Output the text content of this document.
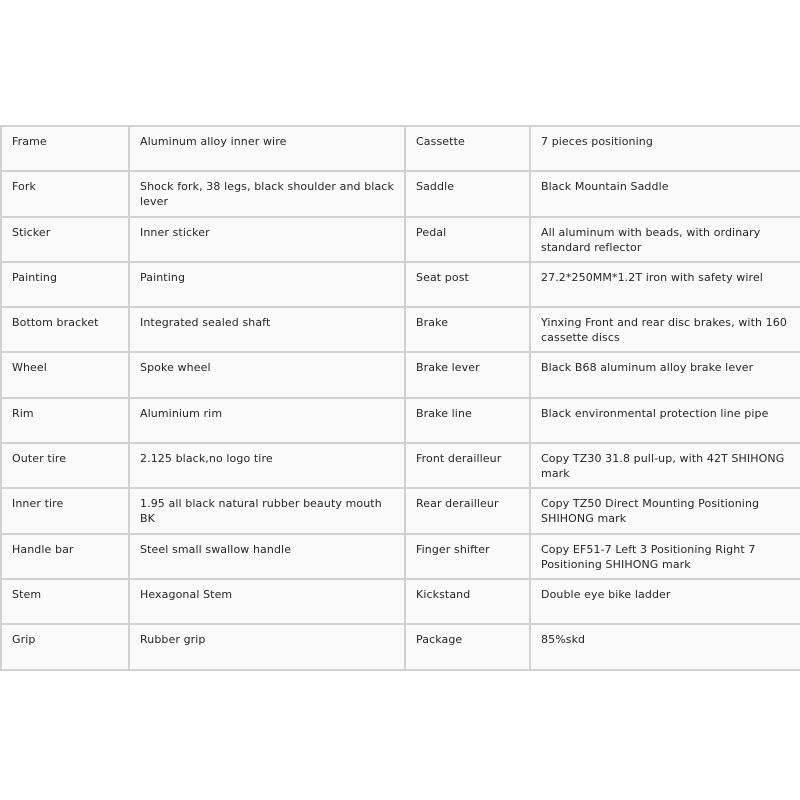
Frame	Aluminum alloy inner wire	Cassette	7 pieces positioning
Fork	Shock fork, 38 legs, black shoulder and black lever	Saddle	Black Mountain Saddle
Sticker	Inner sticker	Pedal	All aluminum with beads, with ordinary standard reflector
Painting	Painting	Seat post	27.2*250MM*1.2T iron with safety wirel
Bottom bracket	Integrated sealed shaft	Brake	Yinxing Front and rear disc brakes, with 160 cassette discs
Wheel	Spoke wheel	Brake lever	Black B68 aluminum alloy brake lever
Rim	Aluminium rim	Brake line	Black environmental protection line pipe
Outer tire	2.125 black,no logo tire	Front derailleur	Copy TZ30 31.8 pull-up, with 42T SHIHONG mark
Inner tire	1.95 all black natural rubber beauty mouth BK	Rear derailleur	Copy TZ50 Direct Mounting Positioning SHIHONG mark
Handle bar	Steel small swallow handle	Finger shifter	Copy EF51-7 Left 3 Positioning Right 7 Positioning SHIHONG mark
Stem	Hexagonal Stem	Kickstand	Double eye bike ladder
Grip	Rubber grip	Package	85%skd
